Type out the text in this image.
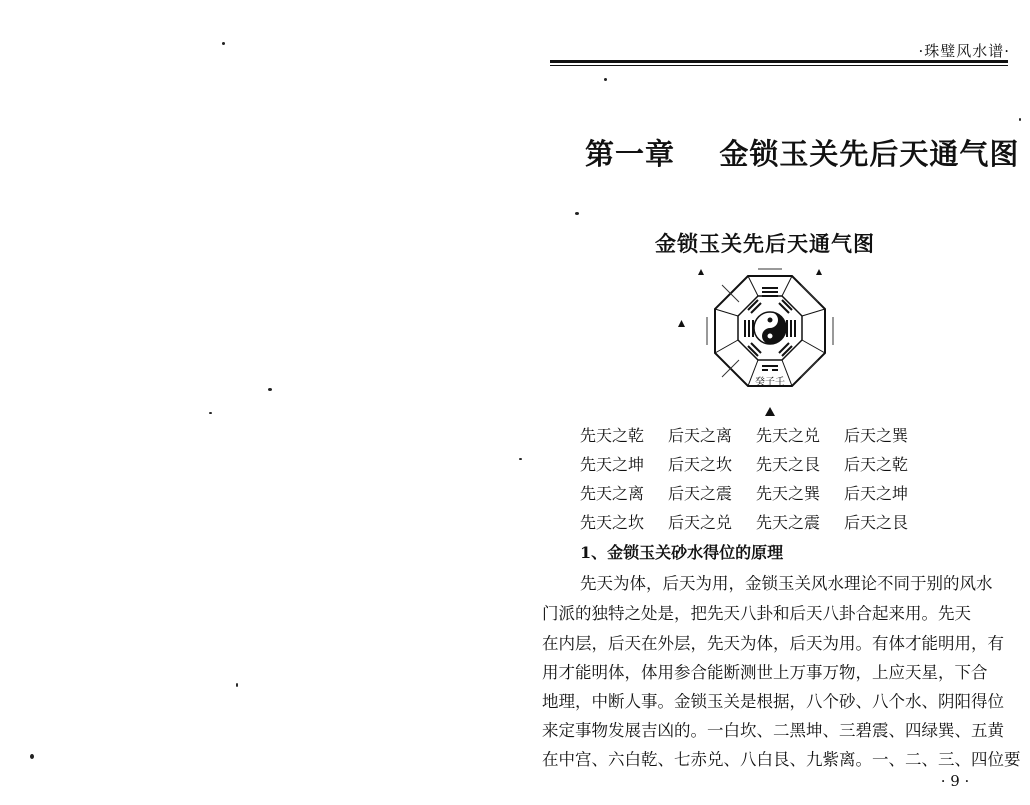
·珠璧风水谱·
第一章    金锁玉关先后天通气图
金锁玉关先后天通气图
癸子壬
先天之乾	后天之离	先天之兑	后天之巽
先天之坤	后天之坎	先天之艮	后天之乾
先天之离	后天之震	先天之巽	后天之坤
先天之坎	后天之兑	先天之震	后天之艮
1、金锁玉关砂水得位的原理
先天为体，后天为用，金锁玉关风水理论不同于别的风水
门派的独特之处是，把先天八卦和后天八卦合起来用。先天
在内层，后天在外层，先天为体，后天为用。有体才能明用，有
用才能明体，体用参合能断测世上万事万物，上应天星，下合
地理，中断人事。金锁玉关是根据，八个砂、八个水、阴阳得位
来定事物发展吉凶的。一白坎、二黑坤、三碧震、四绿巽、五黄
在中宫、六白乾、七赤兑、八白艮、九紫离。一、二、三、四位要
· 9 ·
